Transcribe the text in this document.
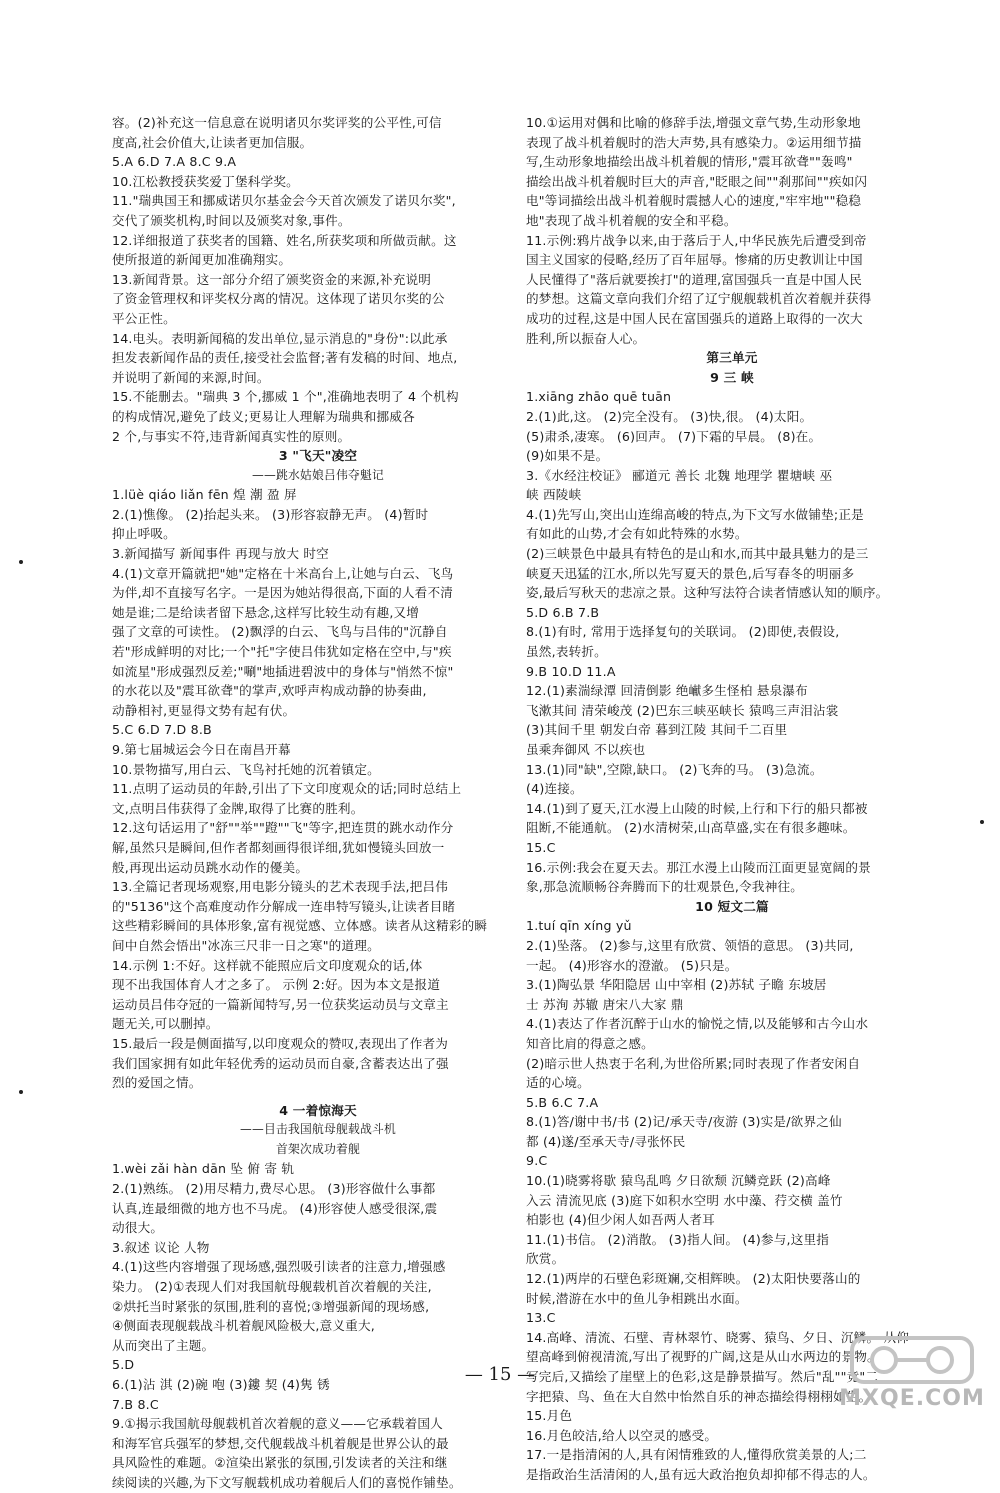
容。(2)补充这一信息意在说明诸贝尔奖评奖的公平性,可信
度高,社会价值大,让读者更加信服。
5.A 6.D 7.A 8.C 9.A
10.江松教授获奖爱丁堡科学奖。
11."瑞典国王和挪威诺贝尔基金会今天首次颁发了诺贝尔奖",
交代了颁奖机构,时间以及颁奖对象,事件。
12.详细报道了获奖者的国籍、姓名,所获奖项和所做贡献。这
使所报道的新闻更加准确翔实。
13.新闻背景。这一部分介绍了颁奖资金的来源,补充说明
了资金管理权和评奖权分离的情况。这体现了诺贝尔奖的公
平公正性。
14.电头。表明新闻稿的发出单位,显示消息的"身份":以此承
担发表新闻作品的责任,接受社会监督;著有发稿的时间、地点,
并说明了新闻的来源,时间。
15.不能删去。"瑞典 3 个,挪威 1 个",准确地表明了 4 个机构
的构成情况,避免了歧义;更易让人理解为瑞典和挪威各
2 个,与事实不符,违背新闻真实性的原则。
3 "飞天"凌空
——跳水姑娘吕伟夺魁记
1.lüè qiáo liǎn fēn 煌 潮 盈 屏
2.(1)憔像。 (2)抬起头来。 (3)形容寂静无声。 (4)暂时
抑止呼吸。
3.新闻描写 新闻事件 再现与放大 时空
4.(1)文章开篇就把"她"定格在十米高台上,让她与白云、飞鸟
为伴,却不直接写名字。一是因为她站得很高,下面的人看不清
她是谁;二是给读者留下悬念,这样写比较生动有趣,又增
强了文章的可读性。 (2)飘浮的白云、飞鸟与吕伟的"沉静自
若"形成鲜明的对比;一个"托"字使吕伟犹如定格在空中,与"疾
如流星"形成强烈反差;"唰"地插进碧波中的身体与"悄然不惊"
的水花以及"震耳欲聋"的掌声,欢呼声构成动静的协奏曲,
动静相衬,更显得文势有起有伏。
5.C 6.D 7.D 8.B
9.第七届城运会今日在南昌开幕
10.景物描写,用白云、飞鸟衬托她的沉着镇定。
11.点明了运动员的年龄,引出了下文印度观众的话;同时总结上
文,点明吕伟获得了金牌,取得了比赛的胜利。
12.这句话运用了"舒""举""蹬""飞"等字,把连贯的跳水动作分
解,虽然只是瞬间,但作者都刻画得很详细,犹如慢镜头回放一
般,再现出运动员跳水动作的優美。
13.全篇记者现场观察,用电影分镜头的艺术表现手法,把吕伟
的"5136"这个高难度动作分解成一连串特写镜头,让读者目睹
这些精彩瞬间的具体形象,富有视觉感、立体感。读者从这精彩的瞬
间中自然会悟出"冰冻三尺非一日之寒"的道理。
14.示例 1:不好。这样就不能照应后文印度观众的话,体
现不出我国体育人才之多了。 示例 2:好。因为本文是报道
运动员吕伟夺冠的一篇新闻特写,另一位获奖运动员与文章主
题无关,可以删掉。
15.最后一段是侧面描写,以印度观众的赞叹,表现出了作者为
我们国家拥有如此年轻优秀的运动员而自豪,含蓄表达出了强
烈的爱国之情。
4 一着惊海天
——目击我国航母舰载战斗机
首架次成功着舰
1.wèi zǎi hàn dān 坠 俯 寄 轨
2.(1)熟练。 (2)用尽精力,费尽心思。 (3)形容做什么事都
认真,连最细微的地方也不马虎。 (4)形容使人感受很深,震
动很大。
3.叙述 议论 人物
4.(1)这些内容增强了现场感,强烈吸引读者的注意力,增强感
染力。 (2)①表现人们对我国航母舰载机首次着舰的关注,
②烘托当时紧张的氛围,胜利的喜悦;③增强新闻的现场感,
④侧面表现舰载战斗机着舰风险极大,意义重大,
从而突出了主题。
5.D
6.(1)沾 淇 (2)碗 咆 (3)鏤 契 (4)隽 锈
7.B 8.C
9.①揭示我国航母舰载机首次着舰的意义——它承载着国人
和海军官兵强军的梦想,交代舰载战斗机着舰是世界公认的最
具风险性的难题。②渲染出紧张的氛围,引发读者的关注和继
续阅读的兴趣,为下文写舰载机成功着舰后人们的喜悦作铺垫。
10.①运用对偶和比喻的修辞手法,增强文章气势,生动形象地
表现了战斗机着舰时的浩大声势,具有感染力。②运用细节描
写,生动形象地描绘出战斗机着舰的情形,"震耳欲聋""轰鸣"
描绘出战斗机着舰时巨大的声音,"眨眼之间""刹那间""疾如闪
电"等词描绘出战斗机着舰时震撼人心的速度,"牢牢地""稳稳
地"表现了战斗机着舰的安全和平稳。
11.示例:鸦片战争以来,由于落后于人,中华民族先后遭受到帝
国主义国家的侵略,经历了百年屈辱。惨痛的历史教训让中国
人民懂得了"落后就要挨打"的道理,富国强兵一直是中国人民
的梦想。这篇文章向我们介绍了辽宁舰舰载机首次着舰并获得
成功的过程,这是中国人民在富国强兵的道路上取得的一次大
胜利,所以振奋人心。
第三单元
9 三 峡
1.xiāng zhāo quē tuān
2.(1)此,这。 (2)完全没有。 (3)快,很。 (4)太阳。
(5)肃杀,凄寒。 (6)回声。 (7)下霜的早晨。 (8)在。
(9)如果不是。
3.《水经注校证》 郦道元 善长 北魏 地理学 瞿塘峡 巫
峡 西陵峡
4.(1)先写山,突出山连绵高峻的特点,为下文写水做铺垫;正是
有如此的山势,才会有如此特殊的水势。
(2)三峡景色中最具有特色的是山和水,而其中最具魅力的是三
峡夏天迅猛的江水,所以先写夏天的景色,后写春冬的明丽多
姿,最后写秋天的悲凉之景。这种写法符合读者情感认知的顺序。
5.D 6.B 7.B
8.(1)有时, 常用于选择复句的关联词。 (2)即使,表假设,
虽然,表转折。
9.B 10.D 11.A
12.(1)素湍绿潭 回清倒影 绝𪩘多生怪柏 悬泉瀑布
飞漱其间 清荣峻茂 (2)巴东三峡巫峡长 猿鸣三声泪沾裳
(3)其间千里 朝发白帝 暮到江陵 其间千二百里
虽乘奔御风 不以疾也
13.(1)同"缺",空隙,缺口。 (2)飞奔的马。 (3)急流。
(4)连接。
14.(1)到了夏天,江水漫上山陵的时候,上行和下行的船只都被
阻断,不能通航。 (2)水清树荣,山高草盛,实在有很多趣味。
15.C
16.示例:我会在夏天去。那江水漫上山陵而江面更显宽阔的景
象,那急流顺畅谷奔腾而下的壮观景色,令我神往。
10 短文二篇
1.tuí qīn xíng yǔ
2.(1)坠落。 (2)参与,这里有欣赏、领悟的意思。 (3)共同,
一起。 (4)形容水的澄澈。 (5)只是。
3.(1)陶弘景 华阳隐居 山中宰相 (2)苏轼 子瞻 东坡居
士 苏洵 苏辙 唐宋八大家 鼎
4.(1)表达了作者沉醉于山水的愉悦之情,以及能够和古今山水
知音比肩的得意之感。
(2)暗示世人热衷于名利,为世俗所累;同时表现了作者安闲自
适的心境。
5.B 6.C 7.A
8.(1)答/谢中书/书 (2)记/承天寺/夜游 (3)实是/欲界之仙
都 (4)遂/至承天寺/寻张怀民
9.C
10.(1)晓雾将歇 猿鸟乱鸣 夕日欲颓 沉鳞竞跃 (2)高峰
入云 清流见底 (3)庭下如积水空明 水中藻、荇交横 盖竹
柏影也 (4)但少闲人如吾两人者耳
11.(1)书信。 (2)消散。 (3)指人间。 (4)参与,这里指
欣赏。
12.(1)两岸的石壁色彩斑斓,交相辉映。 (2)太阳快要落山的
时候,潜游在水中的鱼儿争相跳出水面。
13.C
14.高峰、清流、石壁、青林翠竹、晓雾、猿鸟、夕日、沉鳞。 从仰
望高峰到俯视清流,写出了视野的广阔,这是从山水两边的景物。
写完后,又描绘了崖壁上的色彩,这是静景描写。然后"乱""竞"二
字把猿、鸟、鱼在大自然中怡然自乐的神态描绘得栩栩如生。
15.月色
16.月色皎洁,给人以空灵的感受。
17.一是指清闲的人,具有闲情雅致的人,懂得欣赏美景的人;二
是指政治生活清闲的人,虽有远大政治抱负却抑郁不得志的人。
— 15 —
MXQE.COM
